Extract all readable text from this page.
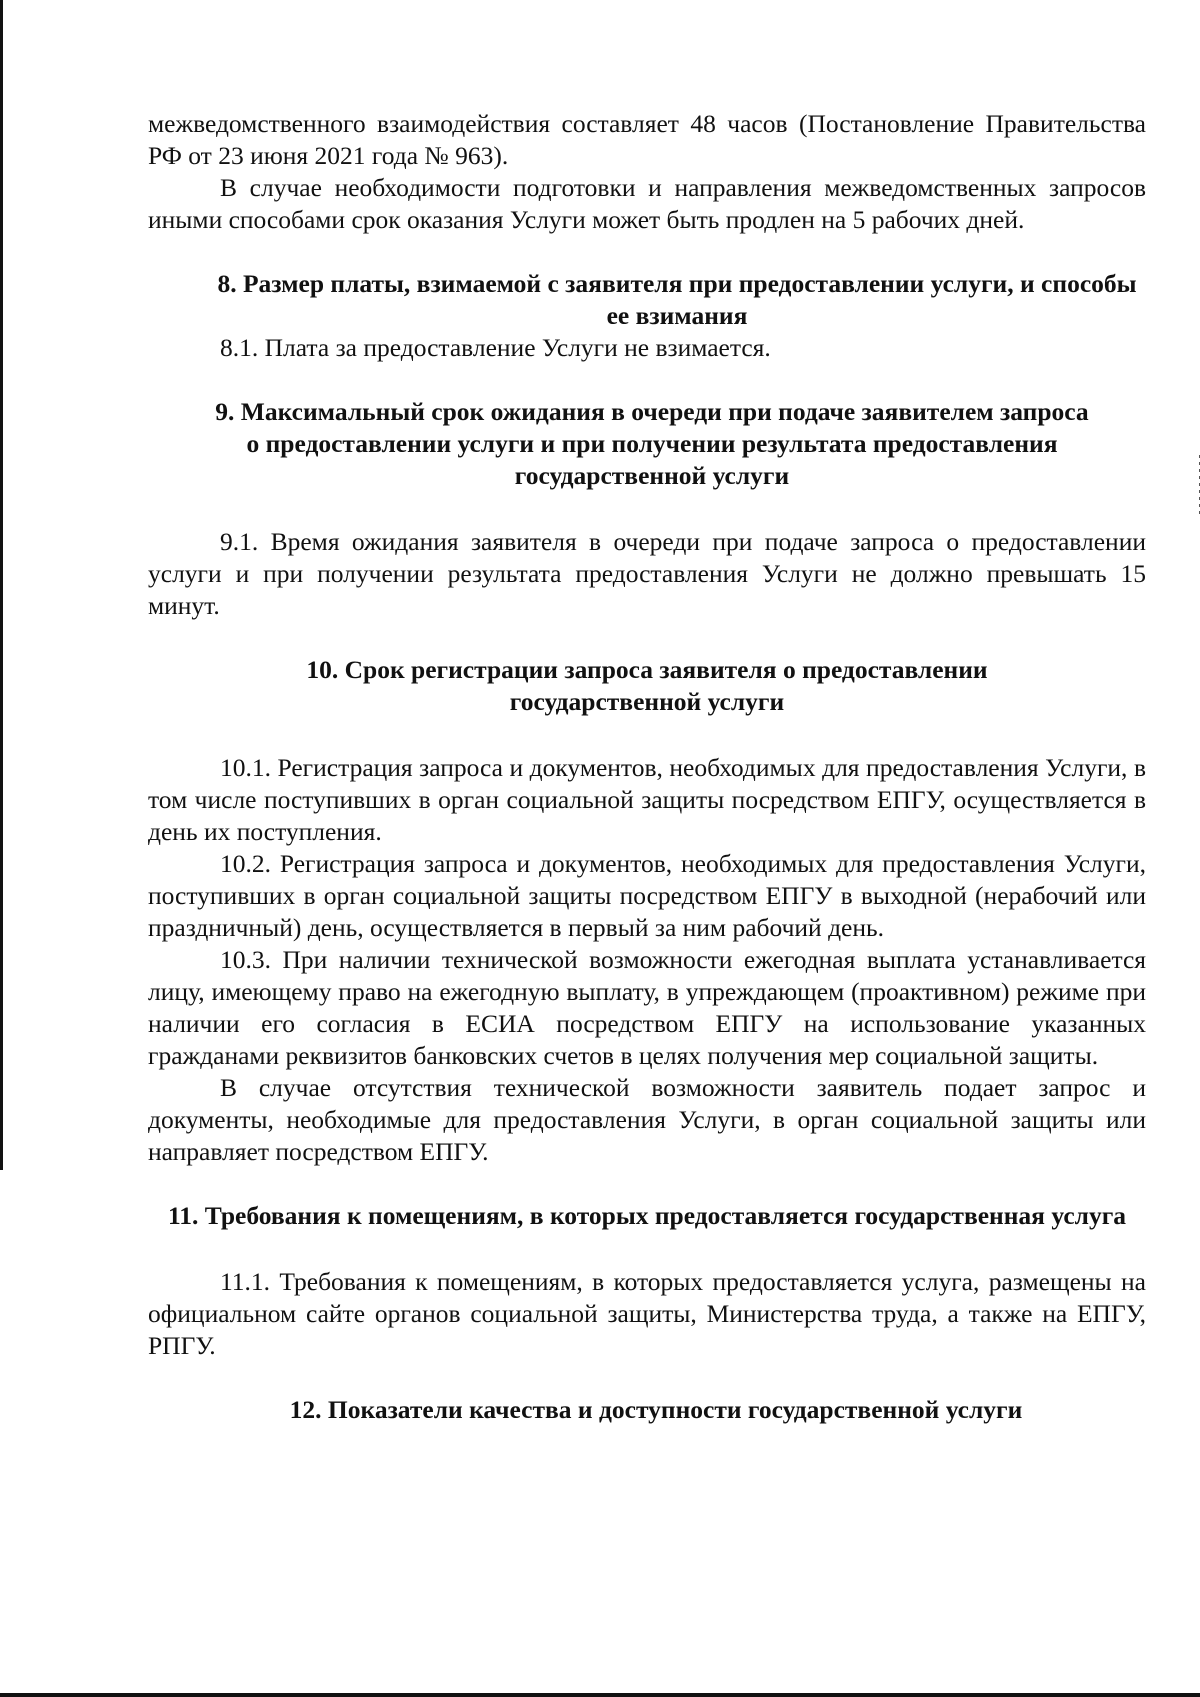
межведомственного взаимодействия составляет 48 часов (Постановление Правительства РФ от 23 июня 2021 года № 963).

В случае необходимости подготовки и направления межведомственных запросов иными способами срок оказания Услуги может быть продлен на 5 рабочих дней.

8. Размер платы, взимаемой с заявителя при предоставлении услуги, и способы ее взимания

8.1. Плата за предоставление Услуги не взимается.

9. Максимальный срок ожидания в очереди при подаче заявителем запроса о предоставлении услуги и при получении результата предоставления государственной услуги

9.1. Время ожидания заявителя в очереди при подаче запроса о предоставлении услуги и при получении результата предоставления Услуги не должно превышать 15 минут.

10. Срок регистрации запроса заявителя о предоставлении государственной услуги

10.1. Регистрация запроса и документов, необходимых для предоставления Услуги, в том числе поступивших в орган социальной защиты посредством ЕПГУ, осуществляется в день их поступления.

10.2. Регистрация запроса и документов, необходимых для предоставления Услуги, поступивших в орган социальной защиты посредством ЕПГУ в выходной (нерабочий или праздничный) день, осуществляется в первый за ним рабочий день.

10.3. При наличии технической возможности ежегодная выплата устанавливается лицу, имеющему право на ежегодную выплату, в упреждающем (проактивном) режиме при наличии его согласия в ЕСИА посредством ЕПГУ на использование указанных гражданами реквизитов банковских счетов в целях получения мер социальной защиты.

В случае отсутствия технической возможности заявитель подает запрос и документы, необходимые для предоставления Услуги, в орган социальной защиты или направляет посредством ЕПГУ.

11. Требования к помещениям, в которых предоставляется государственная услуга

11.1. Требования к помещениям, в которых предоставляется услуга, размещены на официальном сайте органов социальной защиты, Министерства труда, а также на ЕПГУ, РПГУ.

12. Показатели качества и доступности государственной услуги
